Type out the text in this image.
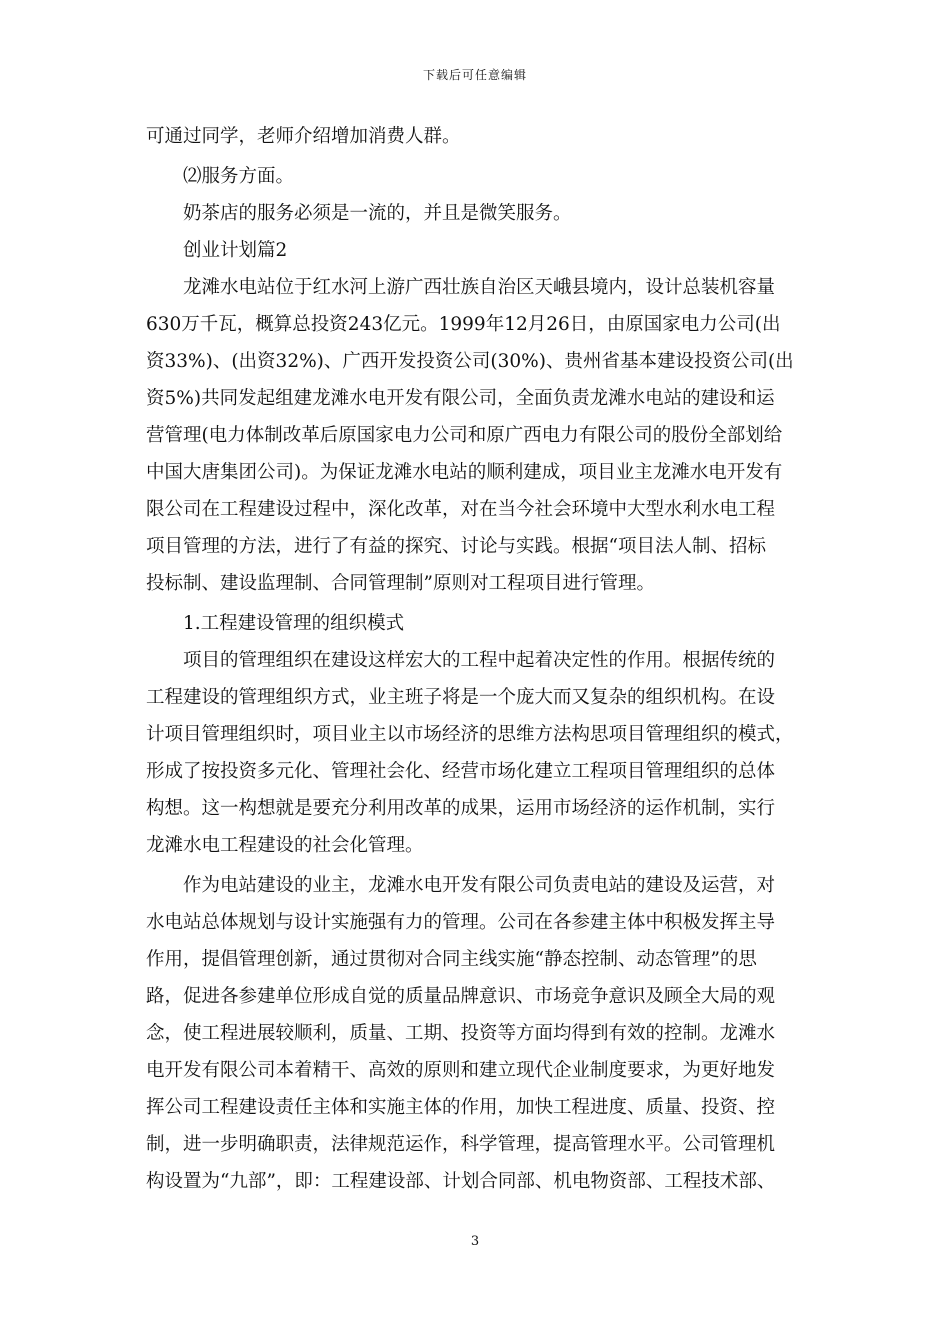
下载后可任意编辑
可通过同学，老师介绍增加消费人群。
⑵服务方面。
奶茶店的服务必须是一流的，并且是微笑服务。
创业计划篇2
龙滩水电站位于红水河上游广西壮族自治区天峨县境内，设计总装机容量
630万千瓦，概算总投资243亿元。1999年12月26日，由原国家电力公司(出
资33%)、(出资32%)、广西开发投资公司(30%)、贵州省基本建设投资公司(出
资5%)共同发起组建龙滩水电开发有限公司，全面负责龙滩水电站的建设和运
营管理(电力体制改革后原国家电力公司和原广西电力有限公司的股份全部划给
中国大唐集团公司)。为保证龙滩水电站的顺利建成，项目业主龙滩水电开发有
限公司在工程建设过程中，深化改革，对在当今社会环境中大型水利水电工程
项目管理的方法，进行了有益的探究、讨论与实践。根据“项目法人制、招标
投标制、建设监理制、合同管理制”原则对工程项目进行管理。
1.工程建设管理的组织模式
项目的管理组织在建设这样宏大的工程中起着决定性的作用。根据传统的
工程建设的管理组织方式，业主班子将是一个庞大而又复杂的组织机构。在设
计项目管理组织时，项目业主以市场经济的思维方法构思项目管理组织的模式，
形成了按投资多元化、管理社会化、经营市场化建立工程项目管理组织的总体
构想。这一构想就是要充分利用改革的成果，运用市场经济的运作机制，实行
龙滩水电工程建设的社会化管理。
作为电站建设的业主，龙滩水电开发有限公司负责电站的建设及运营，对
水电站总体规划与设计实施强有力的管理。公司在各参建主体中积极发挥主导
作用，提倡管理创新，通过贯彻对合同主线实施“静态控制、动态管理”的思
路，促进各参建单位形成自觉的质量品牌意识、市场竞争意识及顾全大局的观
念，使工程进展较顺利，质量、工期、投资等方面均得到有效的控制。龙滩水
电开发有限公司本着精干、高效的原则和建立现代企业制度要求，为更好地发
挥公司工程建设责任主体和实施主体的作用，加快工程进度、质量、投资、控
制，进一步明确职责，法律规范运作，科学管理，提高管理水平。公司管理机
构设置为“九部”，即：工程建设部、计划合同部、机电物资部、工程技术部、
3
